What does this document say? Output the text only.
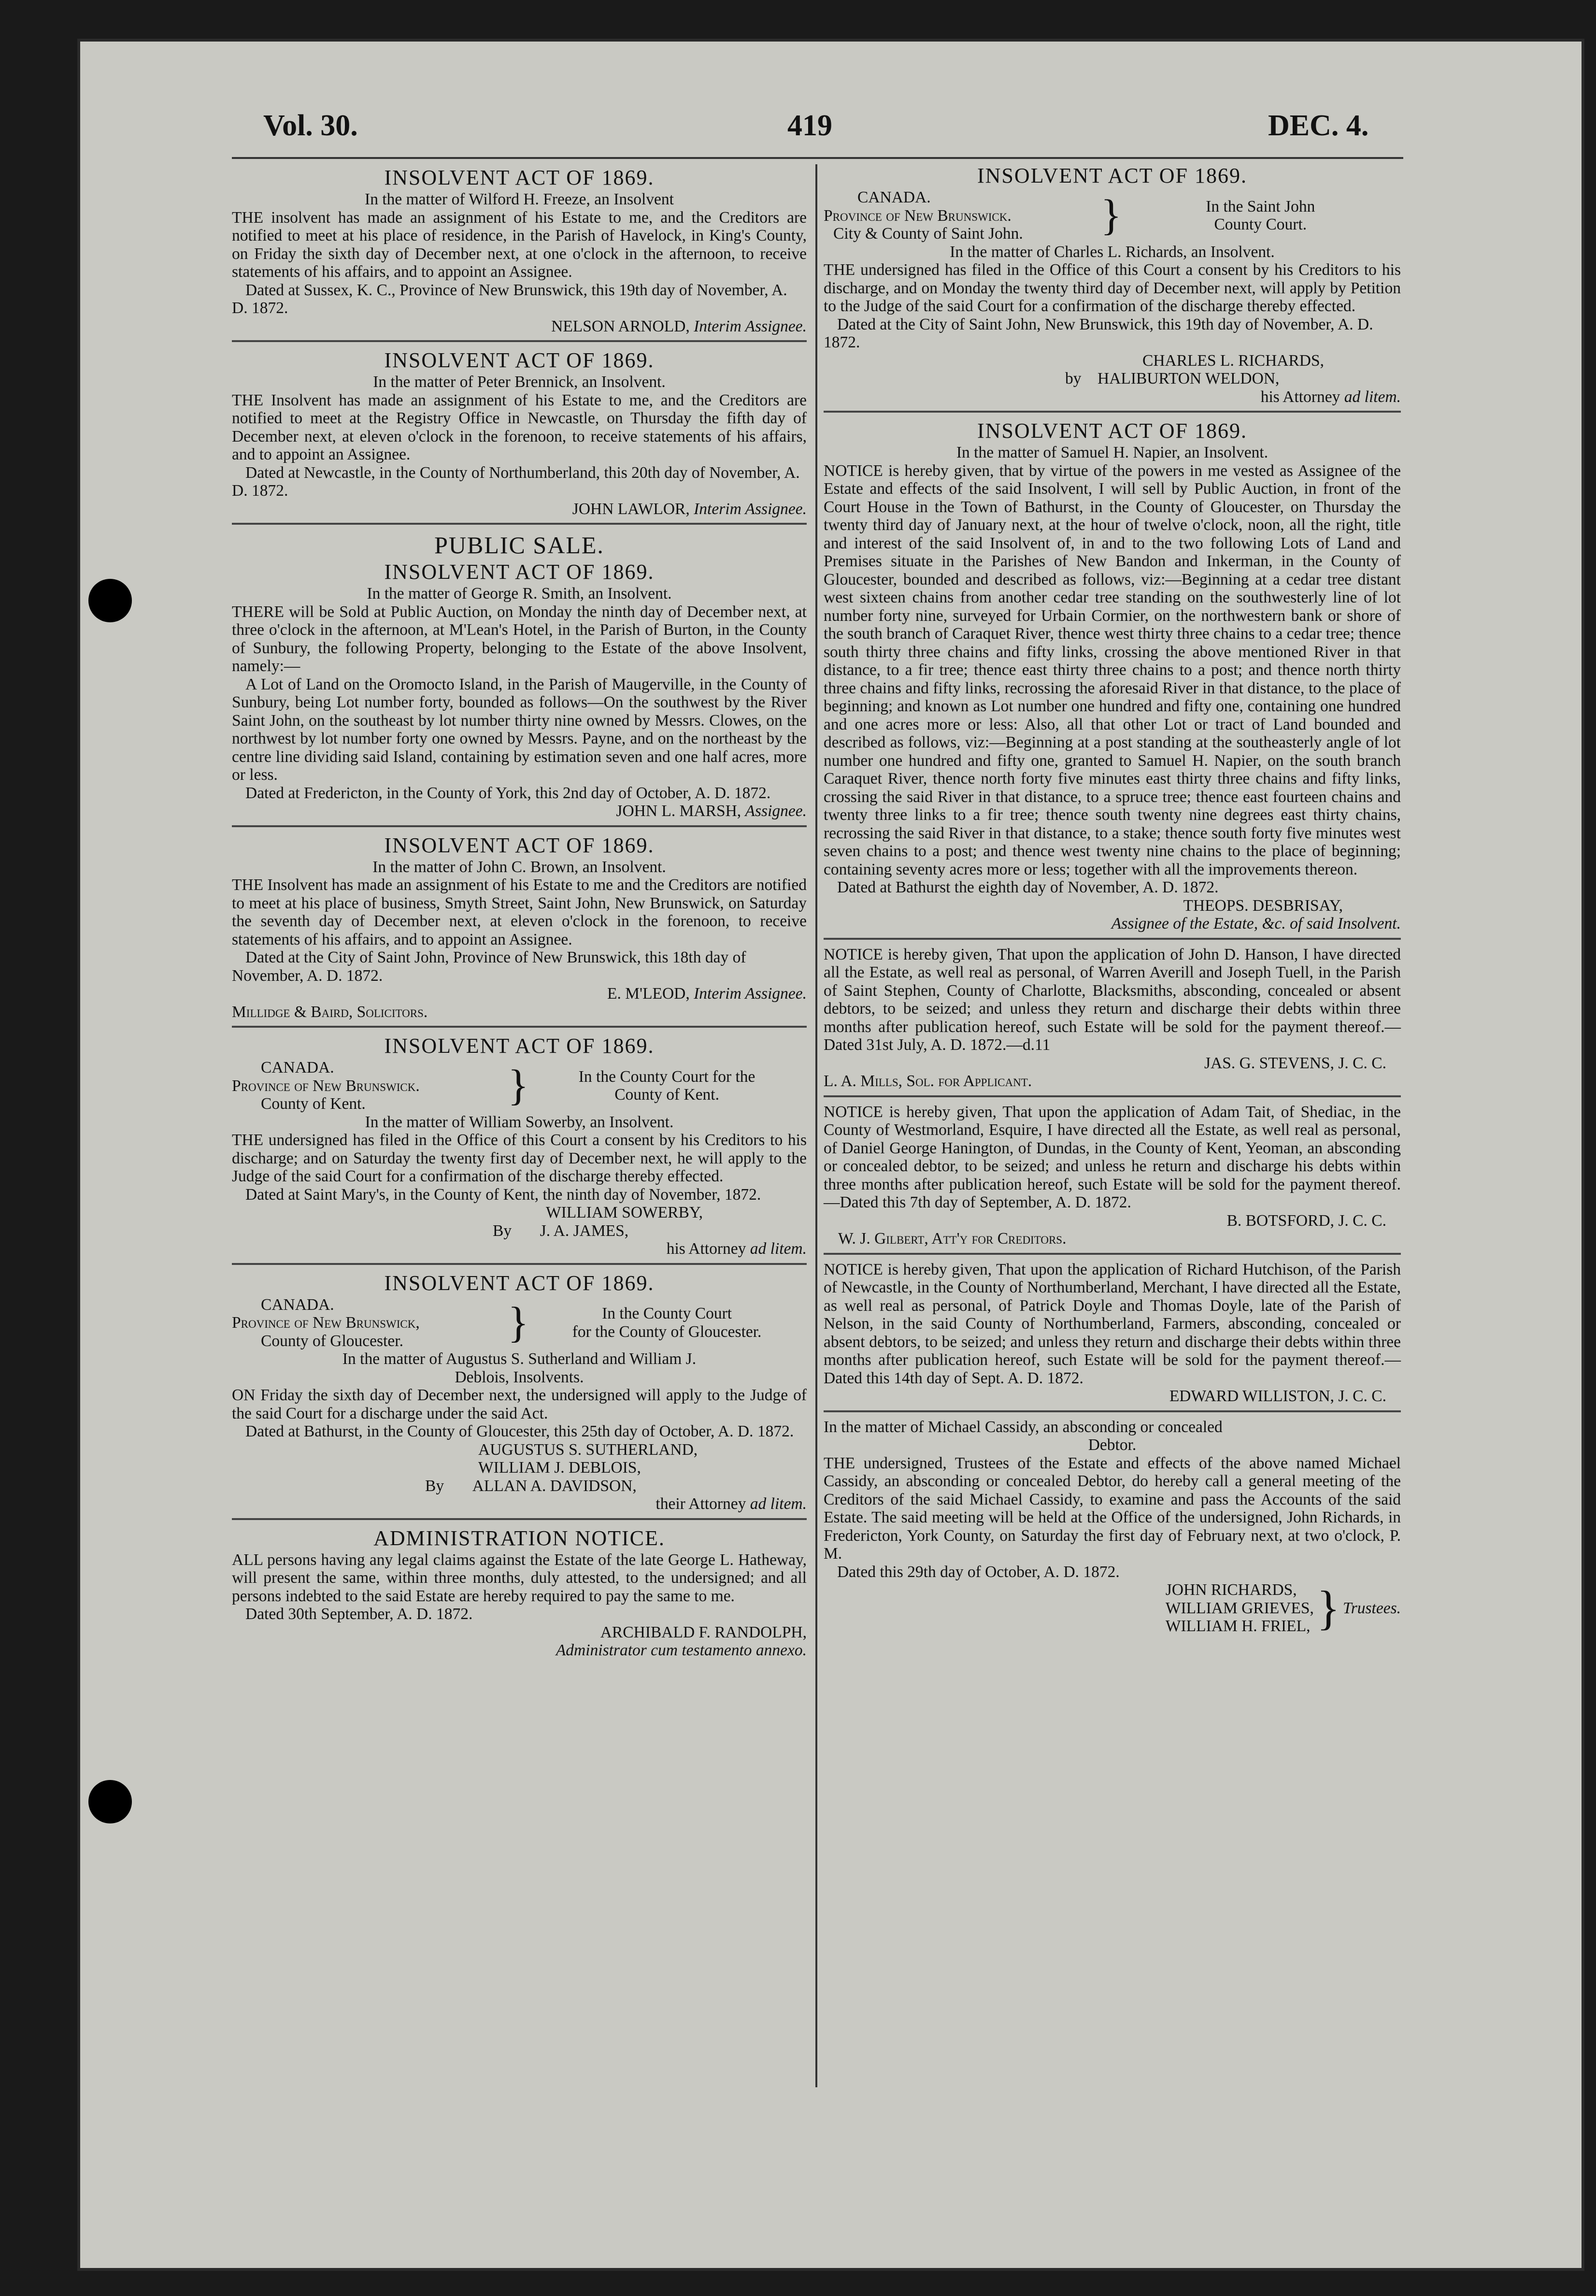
Vol. 30.	419	DEC. 4.

INSOLVENT ACT OF 1869.

In the matter of Wilford H. Freeze, an Insolvent

THE insolvent has made an assignment of his Estate to me, and the Creditors are notified to meet at his place of residence, in the Parish of Havelock, in King's County, on Friday the sixth day of December next, at one o'clock in the afternoon, to receive statements of his affairs, and to appoint an Assignee.

Dated at Sussex, K. C., Province of New Brunswick, this 19th day of November, A. D. 1872.

NELSON ARNOLD, Interim Assignee.

INSOLVENT ACT OF 1869.

In the matter of Peter Brennick, an Insolvent.

THE Insolvent has made an assignment of his Estate to me, and the Creditors are notified to meet at the Registry Office in Newcastle, on Thursday the fifth day of December next, at eleven o'clock in the forenoon, to receive statements of his affairs, and to appoint an Assignee.

Dated at Newcastle, in the County of Northumberland, this 20th day of November, A. D. 1872.

JOHN LAWLOR, Interim Assignee.

PUBLIC SALE.

INSOLVENT ACT OF 1869.

In the matter of George R. Smith, an Insolvent.

THERE will be Sold at Public Auction, on Monday the ninth day of December next, at three o'clock in the afternoon, at M'Lean's Hotel, in the Parish of Burton, in the County of Sunbury, the following Property, belonging to the Estate of the above Insolvent, namely:—

A Lot of Land on the Oromocto Island, in the Parish of Maugerville, in the County of Sunbury, being Lot number forty, bounded as follows—On the southwest by the River Saint John, on the southeast by lot number thirty nine owned by Messrs. Clowes, on the northwest by lot number forty one owned by Messrs. Payne, and on the northeast by the centre line dividing said Island, containing by estimation seven and one half acres, more or less.

Dated at Fredericton, in the County of York, this 2nd day of October, A. D. 1872.

JOHN L. MARSH, Assignee.

INSOLVENT ACT OF 1869.

In the matter of John C. Brown, an Insolvent.

THE Insolvent has made an assignment of his Estate to me and the Creditors are notified to meet at his place of business, Smyth Street, Saint John, New Brunswick, on Saturday the seventh day of December next, at eleven o'clock in the forenoon, to receive statements of his affairs, and to appoint an Assignee.

Dated at the City of Saint John, Province of New Brunswick, this 18th day of November, A. D. 1872.

E. M'LEOD, Interim Assignee.

Millidge & Baird, Solicitors.

INSOLVENT ACT OF 1869.

CANADA.
Province of New Brunswick.
County of Kent.	}	In the County Court for the
County of Kent.

In the matter of William Sowerby, an Insolvent.

THE undersigned has filed in the Office of this Court a consent by his Creditors to his discharge; and on Saturday the twenty first day of December next, he will apply to the Judge of the said Court for a confirmation of the discharge thereby effected.

Dated at Saint Mary's, in the County of Kent, the ninth day of November, 1872.

WILLIAM SOWERBY,

By J. A. JAMES,

his Attorney ad litem.

INSOLVENT ACT OF 1869.

CANADA.
Province of New Brunswick,
County of Gloucester.	}	In the County Court
for the County of Gloucester.

In the matter of Augustus S. Sutherland and William J.

Deblois, Insolvents.

ON Friday the sixth day of December next, the undersigned will apply to the Judge of the said Court for a discharge under the said Act.

Dated at Bathurst, in the County of Gloucester, this 25th day of October, A. D. 1872.

AUGUSTUS S. SUTHERLAND,

WILLIAM J. DEBLOIS,

By ALLAN A. DAVIDSON,

their Attorney ad litem.

ADMINISTRATION NOTICE.

ALL persons having any legal claims against the Estate of the late George L. Hatheway, will present the same, within three months, duly attested, to the undersigned; and all persons indebted to the said Estate are hereby required to pay the same to me.

Dated 30th September, A. D. 1872.

ARCHIBALD F. RANDOLPH,

Administrator cum testamento annexo.

INSOLVENT ACT OF 1869.

CANADA.
Province of New Brunswick.
City & County of Saint John.	}	In the Saint John
County Court.

In the matter of Charles L. Richards, an Insolvent.

THE undersigned has filed in the Office of this Court a consent by his Creditors to his discharge, and on Monday the twenty third day of December next, will apply by Petition to the Judge of the said Court for a confirmation of the discharge thereby effected.

Dated at the City of Saint John, New Brunswick, this 19th day of November, A. D. 1872.

CHARLES L. RICHARDS,

by HALIBURTON WELDON,

his Attorney ad litem.

INSOLVENT ACT OF 1869.

In the matter of Samuel H. Napier, an Insolvent.

NOTICE is hereby given, that by virtue of the powers in me vested as Assignee of the Estate and effects of the said Insolvent, I will sell by Public Auction, in front of the Court House in the Town of Bathurst, in the County of Gloucester, on Thursday the twenty third day of January next, at the hour of twelve o'clock, noon, all the right, title and interest of the said Insolvent of, in and to the two following Lots of Land and Premises situate in the Parishes of New Bandon and Inkerman, in the County of Gloucester, bounded and described as follows, viz:—Beginning at a cedar tree distant west sixteen chains from another cedar tree standing on the southwesterly line of lot number forty nine, surveyed for Urbain Cormier, on the northwestern bank or shore of the south branch of Caraquet River, thence west thirty three chains to a cedar tree; thence south thirty three chains and fifty links, crossing the above mentioned River in that distance, to a fir tree; thence east thirty three chains to a post; and thence north thirty three chains and fifty links, recrossing the aforesaid River in that distance, to the place of beginning; and known as Lot number one hundred and fifty one, containing one hundred and one acres more or less: Also, all that other Lot or tract of Land bounded and described as follows, viz:—Beginning at a post standing at the southeasterly angle of lot number one hundred and fifty one, granted to Samuel H. Napier, on the south branch Caraquet River, thence north forty five minutes east thirty three chains and fifty links, crossing the said River in that distance, to a spruce tree; thence east fourteen chains and twenty three links to a fir tree; thence south twenty nine degrees east thirty chains, recrossing the said River in that distance, to a stake; thence south forty five minutes west seven chains to a post; and thence west twenty nine chains to the place of beginning; containing seventy acres more or less; together with all the improvements thereon.

Dated at Bathurst the eighth day of November, A. D. 1872.

THEOPS. DESBRISAY,

Assignee of the Estate, &c. of said Insolvent.

NOTICE is hereby given, That upon the application of John D. Hanson, I have directed all the Estate, as well real as personal, of Warren Averill and Joseph Tuell, in the Parish of Saint Stephen, County of Charlotte, Blacksmiths, absconding, concealed or absent debtors, to be seized; and unless they return and discharge their debts within three months after publication hereof, such Estate will be sold for the payment thereof.—Dated 31st July, A. D. 1872.—d.11

JAS. G. STEVENS, J. C. C.

L. A. Mills, Sol. for Applicant.

NOTICE is hereby given, That upon the application of Adam Tait, of Shediac, in the County of Westmorland, Esquire, I have directed all the Estate, as well real as personal, of Daniel George Hanington, of Dundas, in the County of Kent, Yeoman, an absconding or concealed debtor, to be seized; and unless he return and discharge his debts within three months after publication hereof, such Estate will be sold for the payment thereof.—Dated this 7th day of September, A. D. 1872.

B. BOTSFORD, J. C. C.

W. J. Gilbert, Att'y for Creditors.

NOTICE is hereby given, That upon the application of Richard Hutchison, of the Parish of Newcastle, in the County of Northumberland, Merchant, I have directed all the Estate, as well real as personal, of Patrick Doyle and Thomas Doyle, late of the Parish of Nelson, in the said County of Northumberland, Farmers, absconding, concealed or absent debtors, to be seized; and unless they return and discharge their debts within three months after publication hereof, such Estate will be sold for the payment thereof.—Dated this 14th day of Sept. A. D. 1872.

EDWARD WILLISTON, J. C. C.

In the matter of Michael Cassidy, an absconding or concealed

Debtor.

THE undersigned, Trustees of the Estate and effects of the above named Michael Cassidy, an absconding or concealed Debtor, do hereby call a general meeting of the Creditors of the said Michael Cassidy, to examine and pass the Accounts of the said Estate. The said meeting will be held at the Office of the undersigned, John Richards, in Fredericton, York County, on Saturday the first day of February next, at two o'clock, P. M.

Dated this 29th day of October, A. D. 1872.

JOHN RICHARDS,
WILLIAM GRIEVES,
WILLIAM H. FRIEL, } Trustees.
